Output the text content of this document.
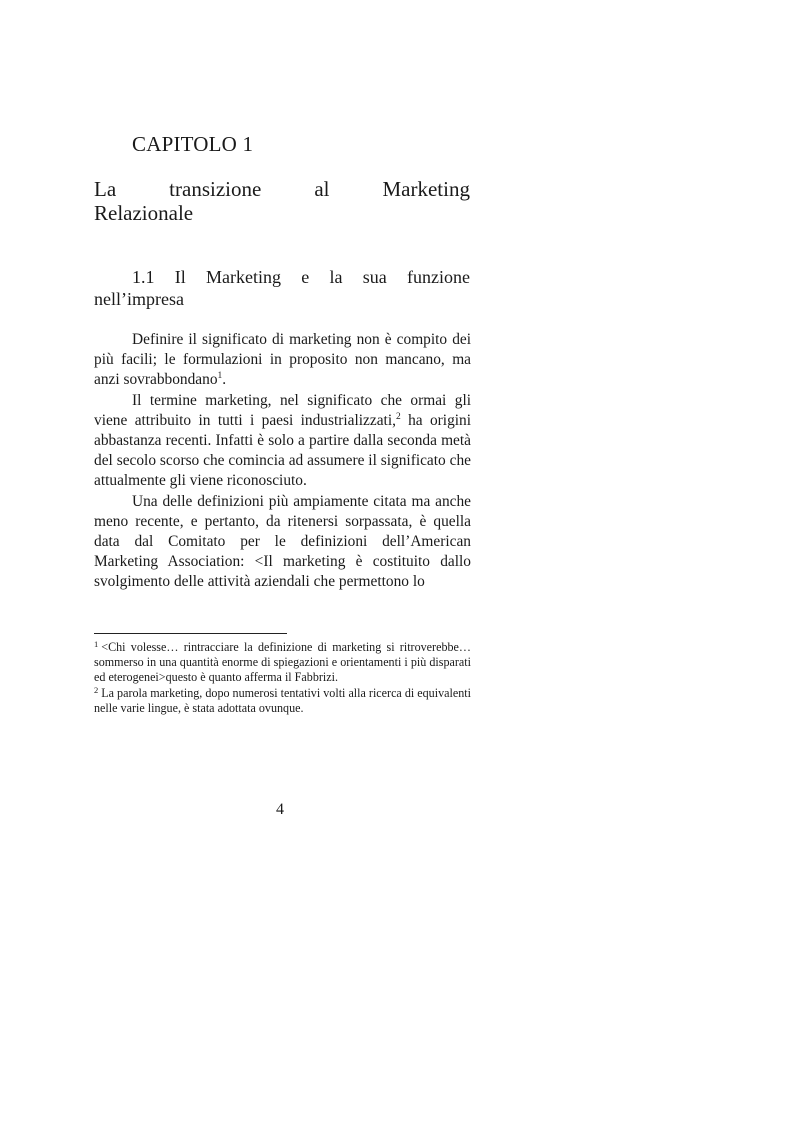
CAPITOLO 1
La	transizione	al	Marketing
Relazionale
1.1 Il Marketing e la sua funzione
nell’impresa

Definire il significato di marketing non è compito dei più facili; le formulazioni in proposito non mancano, ma anzi sovrabbondano$^1$.

Il termine marketing, nel significato che ormai gli viene attribuito in tutti i paesi industrializzati,$^2$ ha origini abbastanza recenti. Infatti è solo a partire dalla seconda metà del secolo scorso che comincia ad assumere il significato che attualmente gli viene riconosciuto.

Una delle definizioni più ampiamente citata ma anche meno recente, e pertanto, da ritenersi sorpassata, è quella data dal Comitato per le definizioni dell’American Marketing Association: <Il marketing è costituito dallo svolgimento delle attività aziendali che permettono lo

$^1$ <Chi volesse… rintracciare la definizione di marketing si ritroverebbe… sommerso in una quantità enorme di spiegazioni e orientamenti i più disparati ed eterogenei>questo è quanto afferma il Fabbrizi.

$^2$ La parola marketing, dopo numerosi tentativi volti alla ricerca di equivalenti nelle varie lingue, è stata adottata ovunque.

4
